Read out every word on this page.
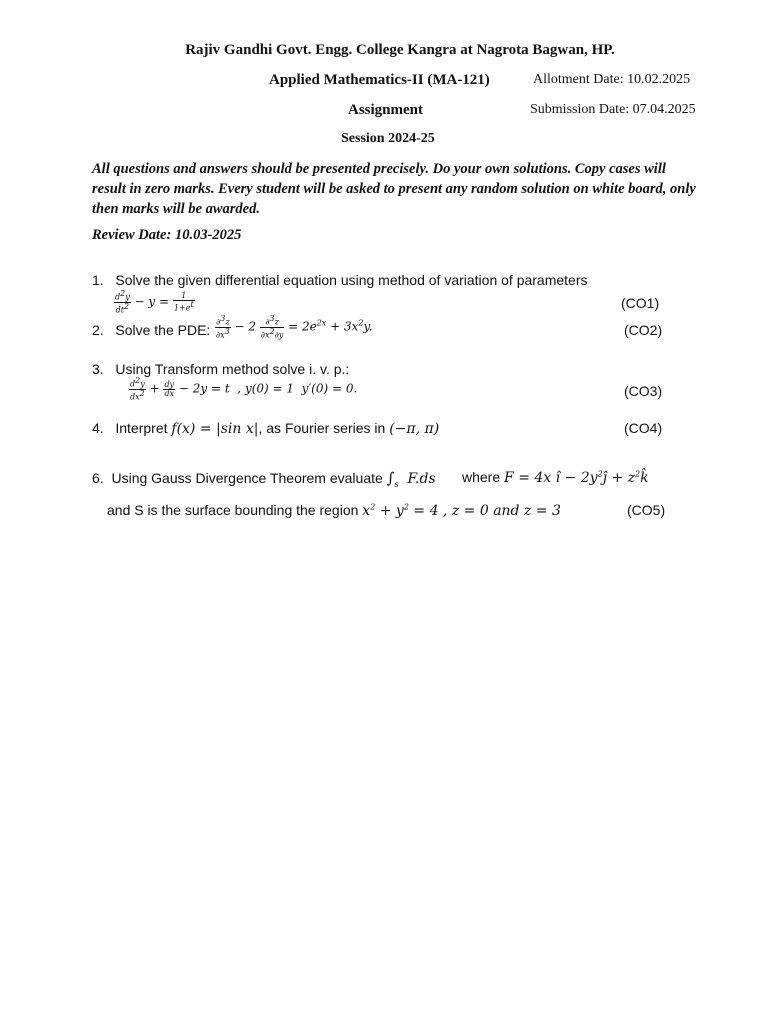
Rajiv Gandhi Govt. Engg. College Kangra at Nagrota Bagwan, HP.
Applied Mathematics-II (MA-121)	Allotment Date: 10.02.2025
Assignment	Submission Date: 07.04.2025
Session 2024-25
All questions and answers should be presented precisely. Do your own solutions. Copy cases will result in zero marks. Every student will be asked to present any random solution on white board, only then marks will be awarded.
Review Date: 10.03-2025
1. Solve the given differential equation using method of variation of parameters
$\frac{d^2y}{dt^2} - y = \frac{1}{1+e^t}$	(CO1)
2. Solve the PDE: $\frac{\partial^3z}{\partial x^3} - 2 \frac{\partial^3z}{\partial x^2\partial y} = 2e^{2x} + 3x^2y$.	(CO2)
3. Using Transform method solve i. v. p.:
$\frac{d^2y}{dx^2} + \frac{dy}{dx} - 2y = t$  , y(0) = 1  y′(0) = 0.	(CO3)
4. Interpret f(x) = |sin x|, as Fourier series in (−π, π)	(CO4)
6. Using Gauss Divergence Theorem evaluate $\int_s$  F.ds where F = 4x î − $2y^2ĵ$ + $z^2k̂$
and S is the surface bounding the region $x^2 + y^2 = 4$ , z = 0 and z = 3	(CO5)
